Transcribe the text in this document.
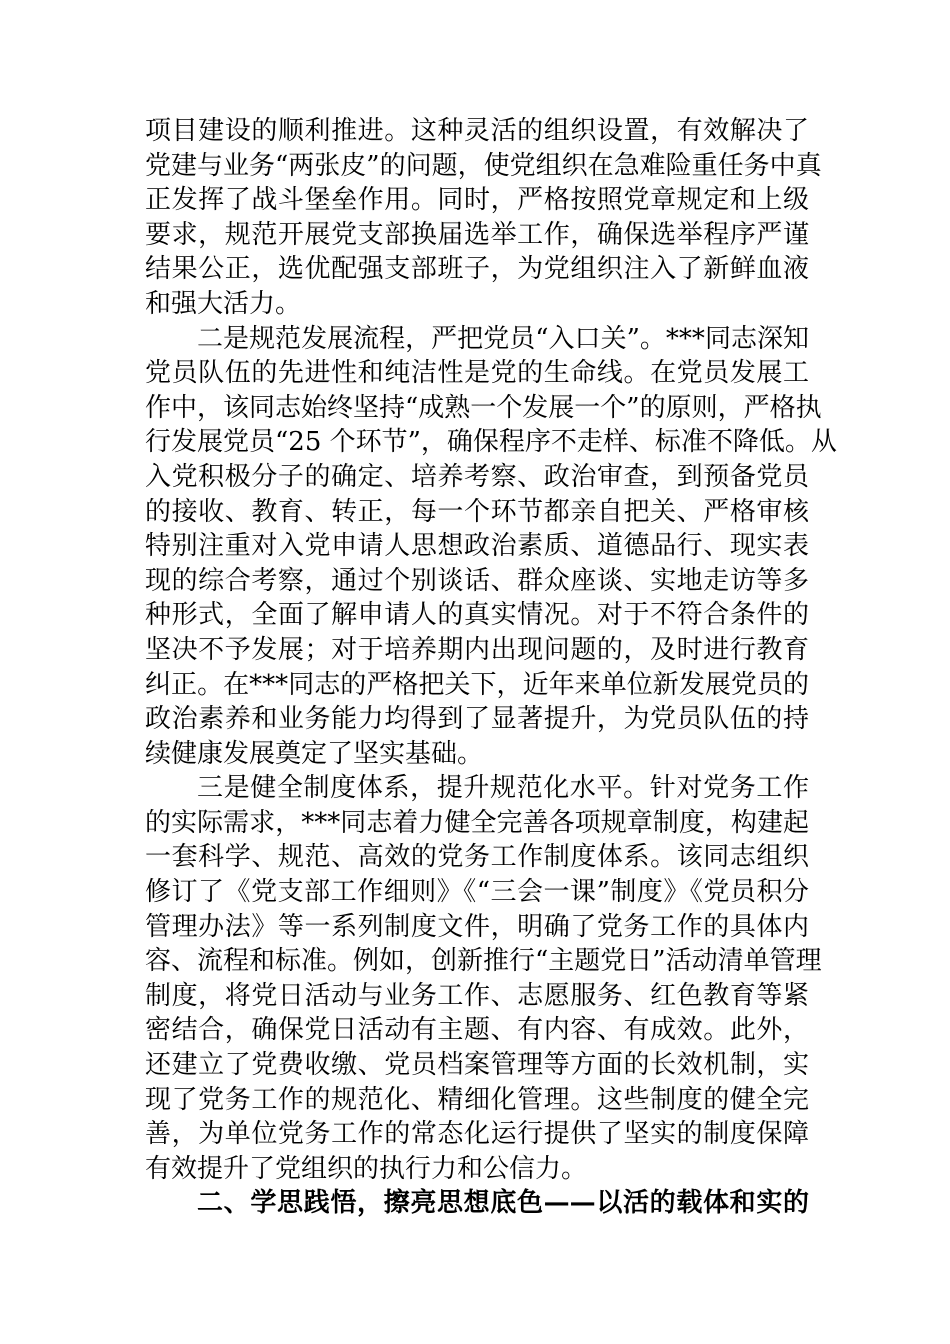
项目建设的顺利推进。这种灵活的组织设置，有效解决了
党建与业务“两张皮”的问题，使党组织在急难险重任务中真
正发挥了战斗堡垒作用。同时，严格按照党章规定和上级
要求，规范开展党支部换届选举工作，确保选举程序严谨
结果公正，选优配强支部班子，为党组织注入了新鲜血液
和强大活力。
二是规范发展流程，严把党员“入口关”。***同志深知
党员队伍的先进性和纯洁性是党的生命线。在党员发展工
作中，该同志始终坚持“成熟一个发展一个”的原则，严格执
行发展党员“25 个环节”，确保程序不走样、标准不降低。从
入党积极分子的确定、培养考察、政治审查，到预备党员
的接收、教育、转正，每一个环节都亲自把关、严格审核
特别注重对入党申请人思想政治素质、道德品行、现实表
现的综合考察，通过个别谈话、群众座谈、实地走访等多
种形式，全面了解申请人的真实情况。对于不符合条件的
坚决不予发展；对于培养期内出现问题的，及时进行教育
纠正。在***同志的严格把关下，近年来单位新发展党员的
政治素养和业务能力均得到了显著提升，为党员队伍的持
续健康发展奠定了坚实基础。
三是健全制度体系，提升规范化水平。针对党务工作
的实际需求，***同志着力健全完善各项规章制度，构建起
一套科学、规范、高效的党务工作制度体系。该同志组织
修订了《党支部工作细则》《“三会一课”制度》《党员积分
管理办法》等一系列制度文件，明确了党务工作的具体内
容、流程和标准。例如，创新推行“主题党日”活动清单管理
制度，将党日活动与业务工作、志愿服务、红色教育等紧
密结合，确保党日活动有主题、有内容、有成效。此外，
还建立了党费收缴、党员档案管理等方面的长效机制，实
现了党务工作的规范化、精细化管理。这些制度的健全完
善，为单位党务工作的常态化运行提供了坚实的制度保障
有效提升了党组织的执行力和公信力。
二、学思践悟，擦亮思想底色——以活的载体和实的
